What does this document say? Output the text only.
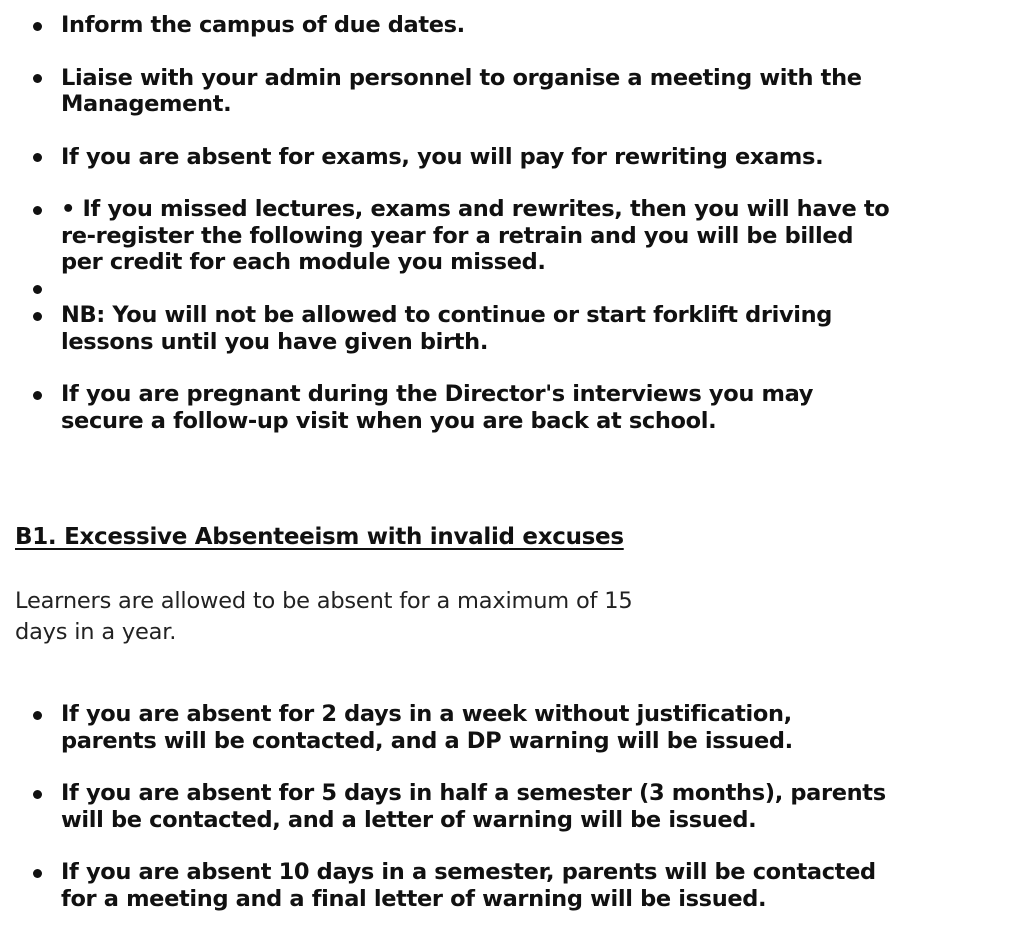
Inform the campus of due dates.
Liaise with your admin personnel to organise a meeting with the
Management.
If you are absent for exams, you will pay for rewriting exams.
• If you missed lectures, exams and rewrites, then you will have to
re-register the following year for a retrain and you will be billed
per credit for each module you missed.
NB: You will not be allowed to continue or start forklift driving
lessons until you have given birth.
If you are pregnant during the Director's interviews you may
secure a follow-up visit when you are back at school.
B1. Excessive Absenteeism with invalid excuses
Learners are allowed to be absent for a maximum of 15
days in a year.
If you are absent for 2 days in a week without justification,
parents will be contacted, and a DP warning will be issued.
If you are absent for 5 days in half a semester (3 months), parents
will be contacted, and a letter of warning will be issued.
If you are absent 10 days in a semester, parents will be contacted
for a meeting and a final letter of warning will be issued.
